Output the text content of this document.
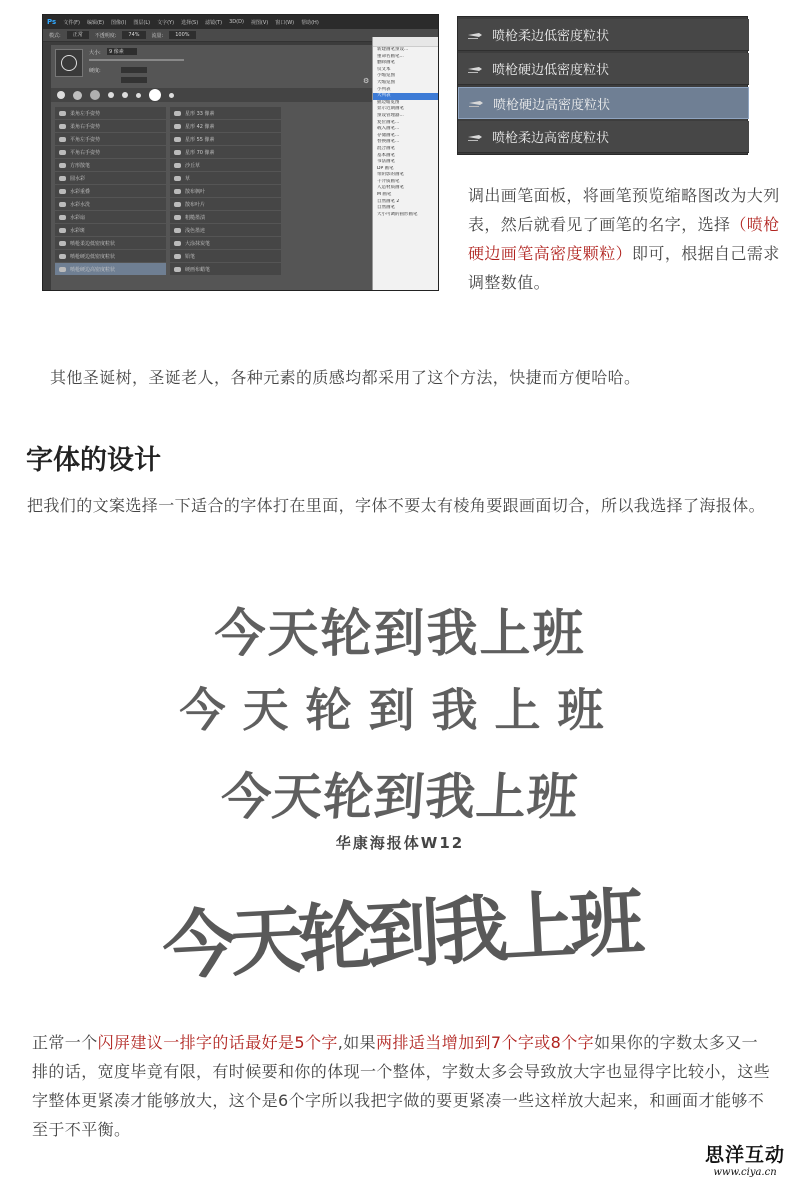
Ps 文件(F) 编辑(E) 图像(I) 图层(L) 文字(Y) 选择(S) 滤镜(T) 3D(D) 视图(V) 窗口(W) 帮助(H)
模式:	正常	不透明度:	74%	流量:	100%
大小:	9 像素
硬度:
⚙
柔角左手姿势	星形 33 像素
柔角右手姿势	星形 42 像素
平角左手姿势	星形 55 像素
平角右手姿势	星形 70 像素
方形散笔	沙丘草
圆水彩	草
水彩重叠	散布枫叶
水彩水洗	散布叶片
水彩扇	粗糙墨渍
水彩斑	浅色墨迹
喷枪柔边低密度粒状	大涂抹炭笔
喷枪硬边低密度粒状	铅笔
喷枪硬边高密度粒状	硬画布蜡笔
新建画笔预设...
重命名画笔...
删除画笔
仅文本
小缩览图
大缩览图
小列表
大列表
描边缩览图
显示近期画笔
预设管理器...
复位画笔...
载入画笔...
存储画笔...
替换画笔...
混合画笔
基本画笔
书法画笔
DP 画笔
带阴影的画笔
干介质画笔
人造材质画笔
M 画笔
自然画笔 2
自然画笔
大小可调的圆形画笔
喷枪柔边低密度粒状
喷枪硬边低密度粒状
喷枪硬边高密度粒状
喷枪柔边高密度粒状

调出画笔面板，将画笔预览缩略图改为大列表，然后就看见了画笔的名字，选择（喷枪硬边画笔高密度颗粒）即可，根据自己需求调整数值。

其他圣诞树，圣诞老人，各种元素的质感均都采用了这个方法，快捷而方便哈哈。

字体的设计

把我们的文案选择一下适合的字体打在里面，字体不要太有棱角要跟画面切合，所以我选择了海报体。

今天轮到我上班
今天轮到我上班
今天轮到我上班
华康海报体W12
今天轮到我上班

正常一个闪屏建议一排字的话最好是5个字,如果两排适当增加到7个字或8个字如果你的字数太多又一排的话，宽度毕竟有限，有时候要和你的体现一个整体，字数太多会导致放大字也显得字比较小，这些字整体更紧凑才能够放大，这个是6个字所以我把字做的要更紧凑一些这样放大起来，和画面才能够不至于不平衡。

思洋互动
www.ciya.cn
